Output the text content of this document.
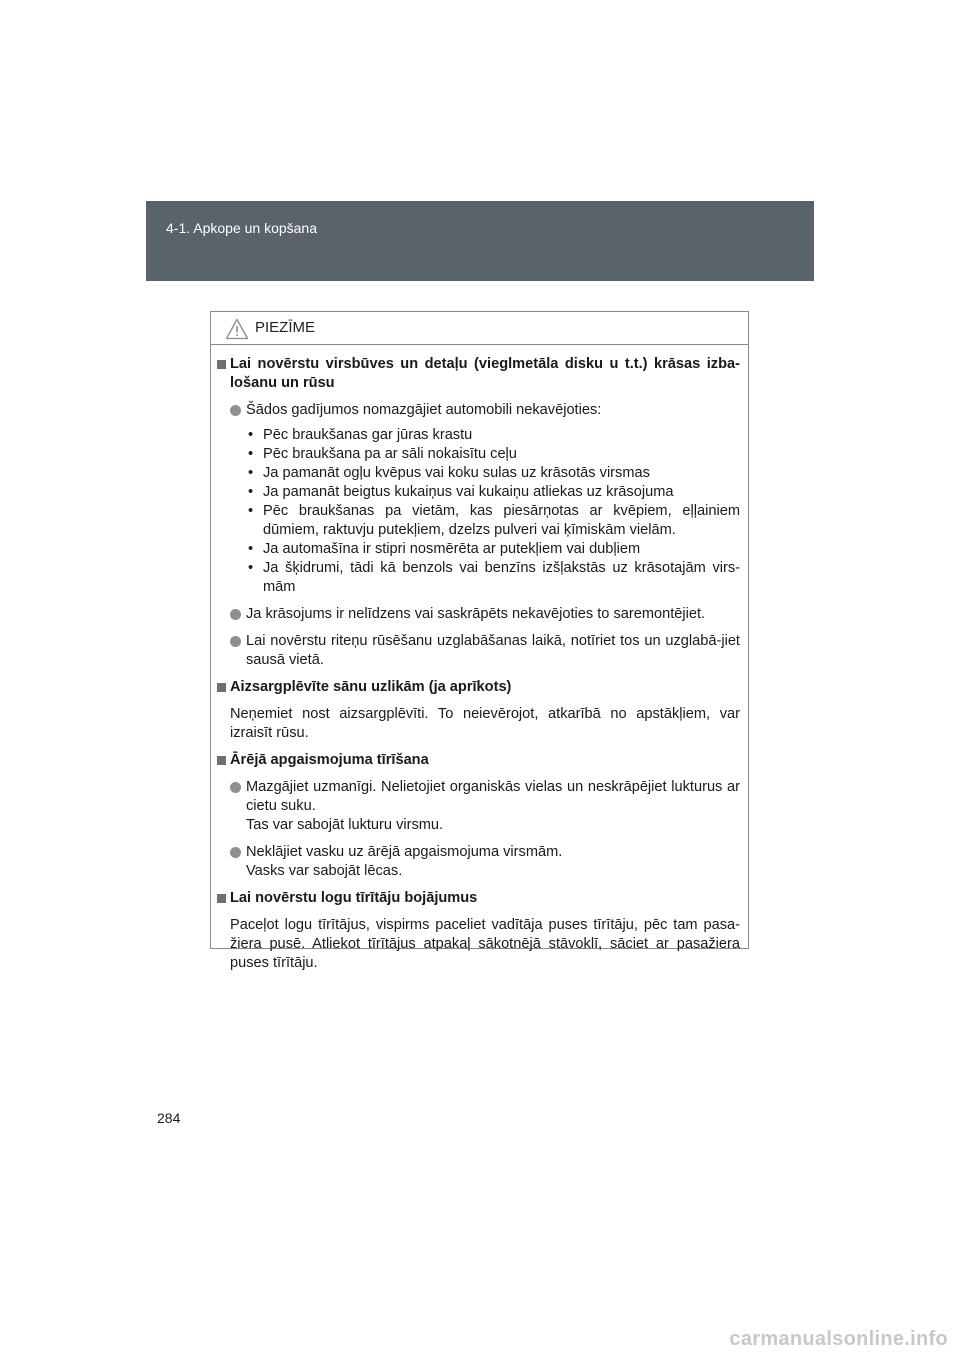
4-1. Apkope un kopšana
PIEZĪME
Lai novērstu virsbūves un detaļu (vieglmetāla disku u t.t.) krāsas izba-lošanu un rūsu
Šādos gadījumos nomazgājiet automobili nekavējoties:
• Pēc braukšanas gar jūras krastu
• Pēc braukšana pa ar sāli nokaisītu ceļu
• Ja pamanāt ogļu kvēpus vai koku sulas uz krāsotās virsmas
• Ja pamanāt beigtus kukaiņus vai kukaiņu atliekas uz krāsojuma
• Pēc braukšanas pa vietām, kas piesārņotas ar kvēpiem, eļļainiem dūmiem, raktuvju putekļiem, dzelzs pulveri vai ķīmiskām vielām.
• Ja automašīna ir stipri nosmērēta ar putekļiem vai dubļiem
• Ja šķidrumi, tādi kā benzols vai benzīns izšļakstās uz krāsotajām virs-mām
Ja krāsojums ir nelīdzens vai saskrāpēts nekavējoties to saremontējiet.
Lai novērstu riteņu rūsēšanu uzglabāšanas laikā, notīriet tos un uzglabā-jiet sausā vietā.
Aizsargplēvīte sānu uzlikām (ja aprīkots)
Neņemiet nost aizsargplēvīti. To neievērojot, atkarībā no apstākļiem, var izraisīt rūsu.
Ārējā apgaismojuma tīrīšana
Mazgājiet uzmanīgi. Nelietojiet organiskās vielas un neskrāpējiet lukturus ar cietu suku.
Tas var sabojāt lukturu virsmu.
Neklājiet vasku uz ārējā apgaismojuma virsmām.
Vasks var sabojāt lēcas.
Lai novērstu logu tīrītāju bojājumus
Paceļot logu tīrītājus, vispirms paceliet vadītāja puses tīrītāju, pēc tam pasa-žiera pusē. Atliekot tīrītājus atpakaļ sākotnējā stāvoklī, sāciet ar pasažiera puses tīrītāju.
284
carmanualsonline.info
